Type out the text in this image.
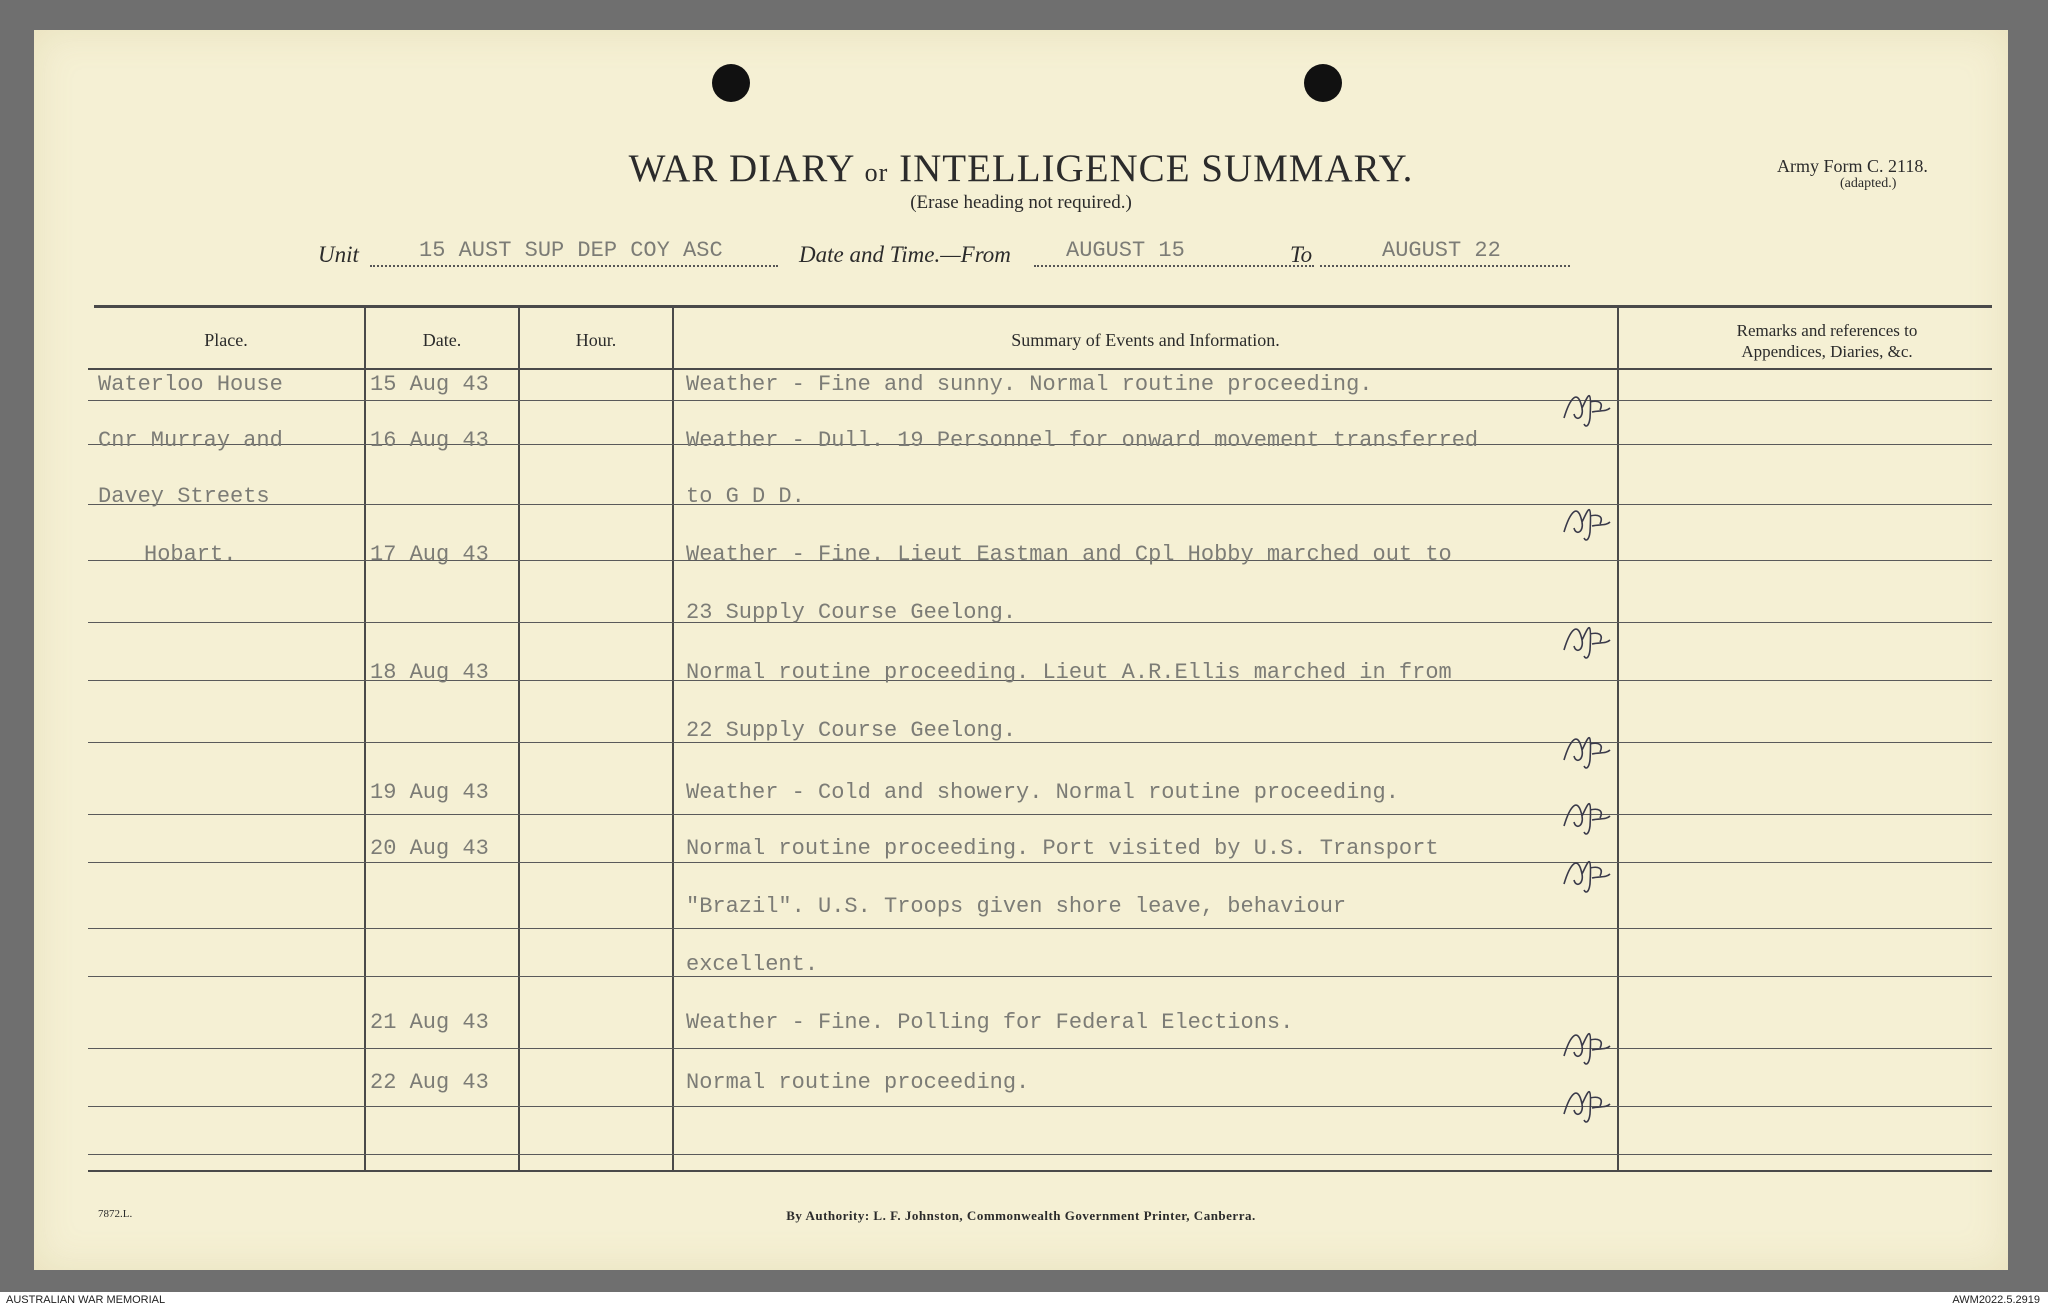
WAR DIARY or INTELLIGENCE SUMMARY.
(Erase heading not required.)
Army Form C. 2118.
(adapted.)
Unit	15 AUST SUP DEP COY ASC	Date and Time.—From	AUGUST 15	To	AUGUST 22
Place.	Date.	Hour.	Summary of Events and Information.	Remarks and references to
Appendices, Diaries, &c.
Waterloo House	15 Aug 43	Weather - Fine and sunny. Normal routine proceeding.
Cnr Murray and	16 Aug 43	Weather - Dull. 19 Personnel for onward movement transferred
Davey Streets	to G D D.
Hobart.	17 Aug 43	Weather - Fine. Lieut Eastman and Cpl Hobby marched out to
23 Supply Course Geelong.
18 Aug 43	Normal routine proceeding. Lieut A.R.Ellis marched in from
22 Supply Course Geelong.
19 Aug 43	Weather - Cold and showery. Normal routine proceeding.
20 Aug 43	Normal routine proceeding. Port visited by U.S. Transport
"Brazil". U.S. Troops given shore leave, behaviour
excellent.
21 Aug 43	Weather - Fine. Polling for Federal Elections.
22 Aug 43	Normal routine proceeding.
7872.L.	By Authority: L. F. Johnston, Commonwealth Government Printer, Canberra.
AUSTRALIAN WAR MEMORIAL	AWM2022.5.2919
